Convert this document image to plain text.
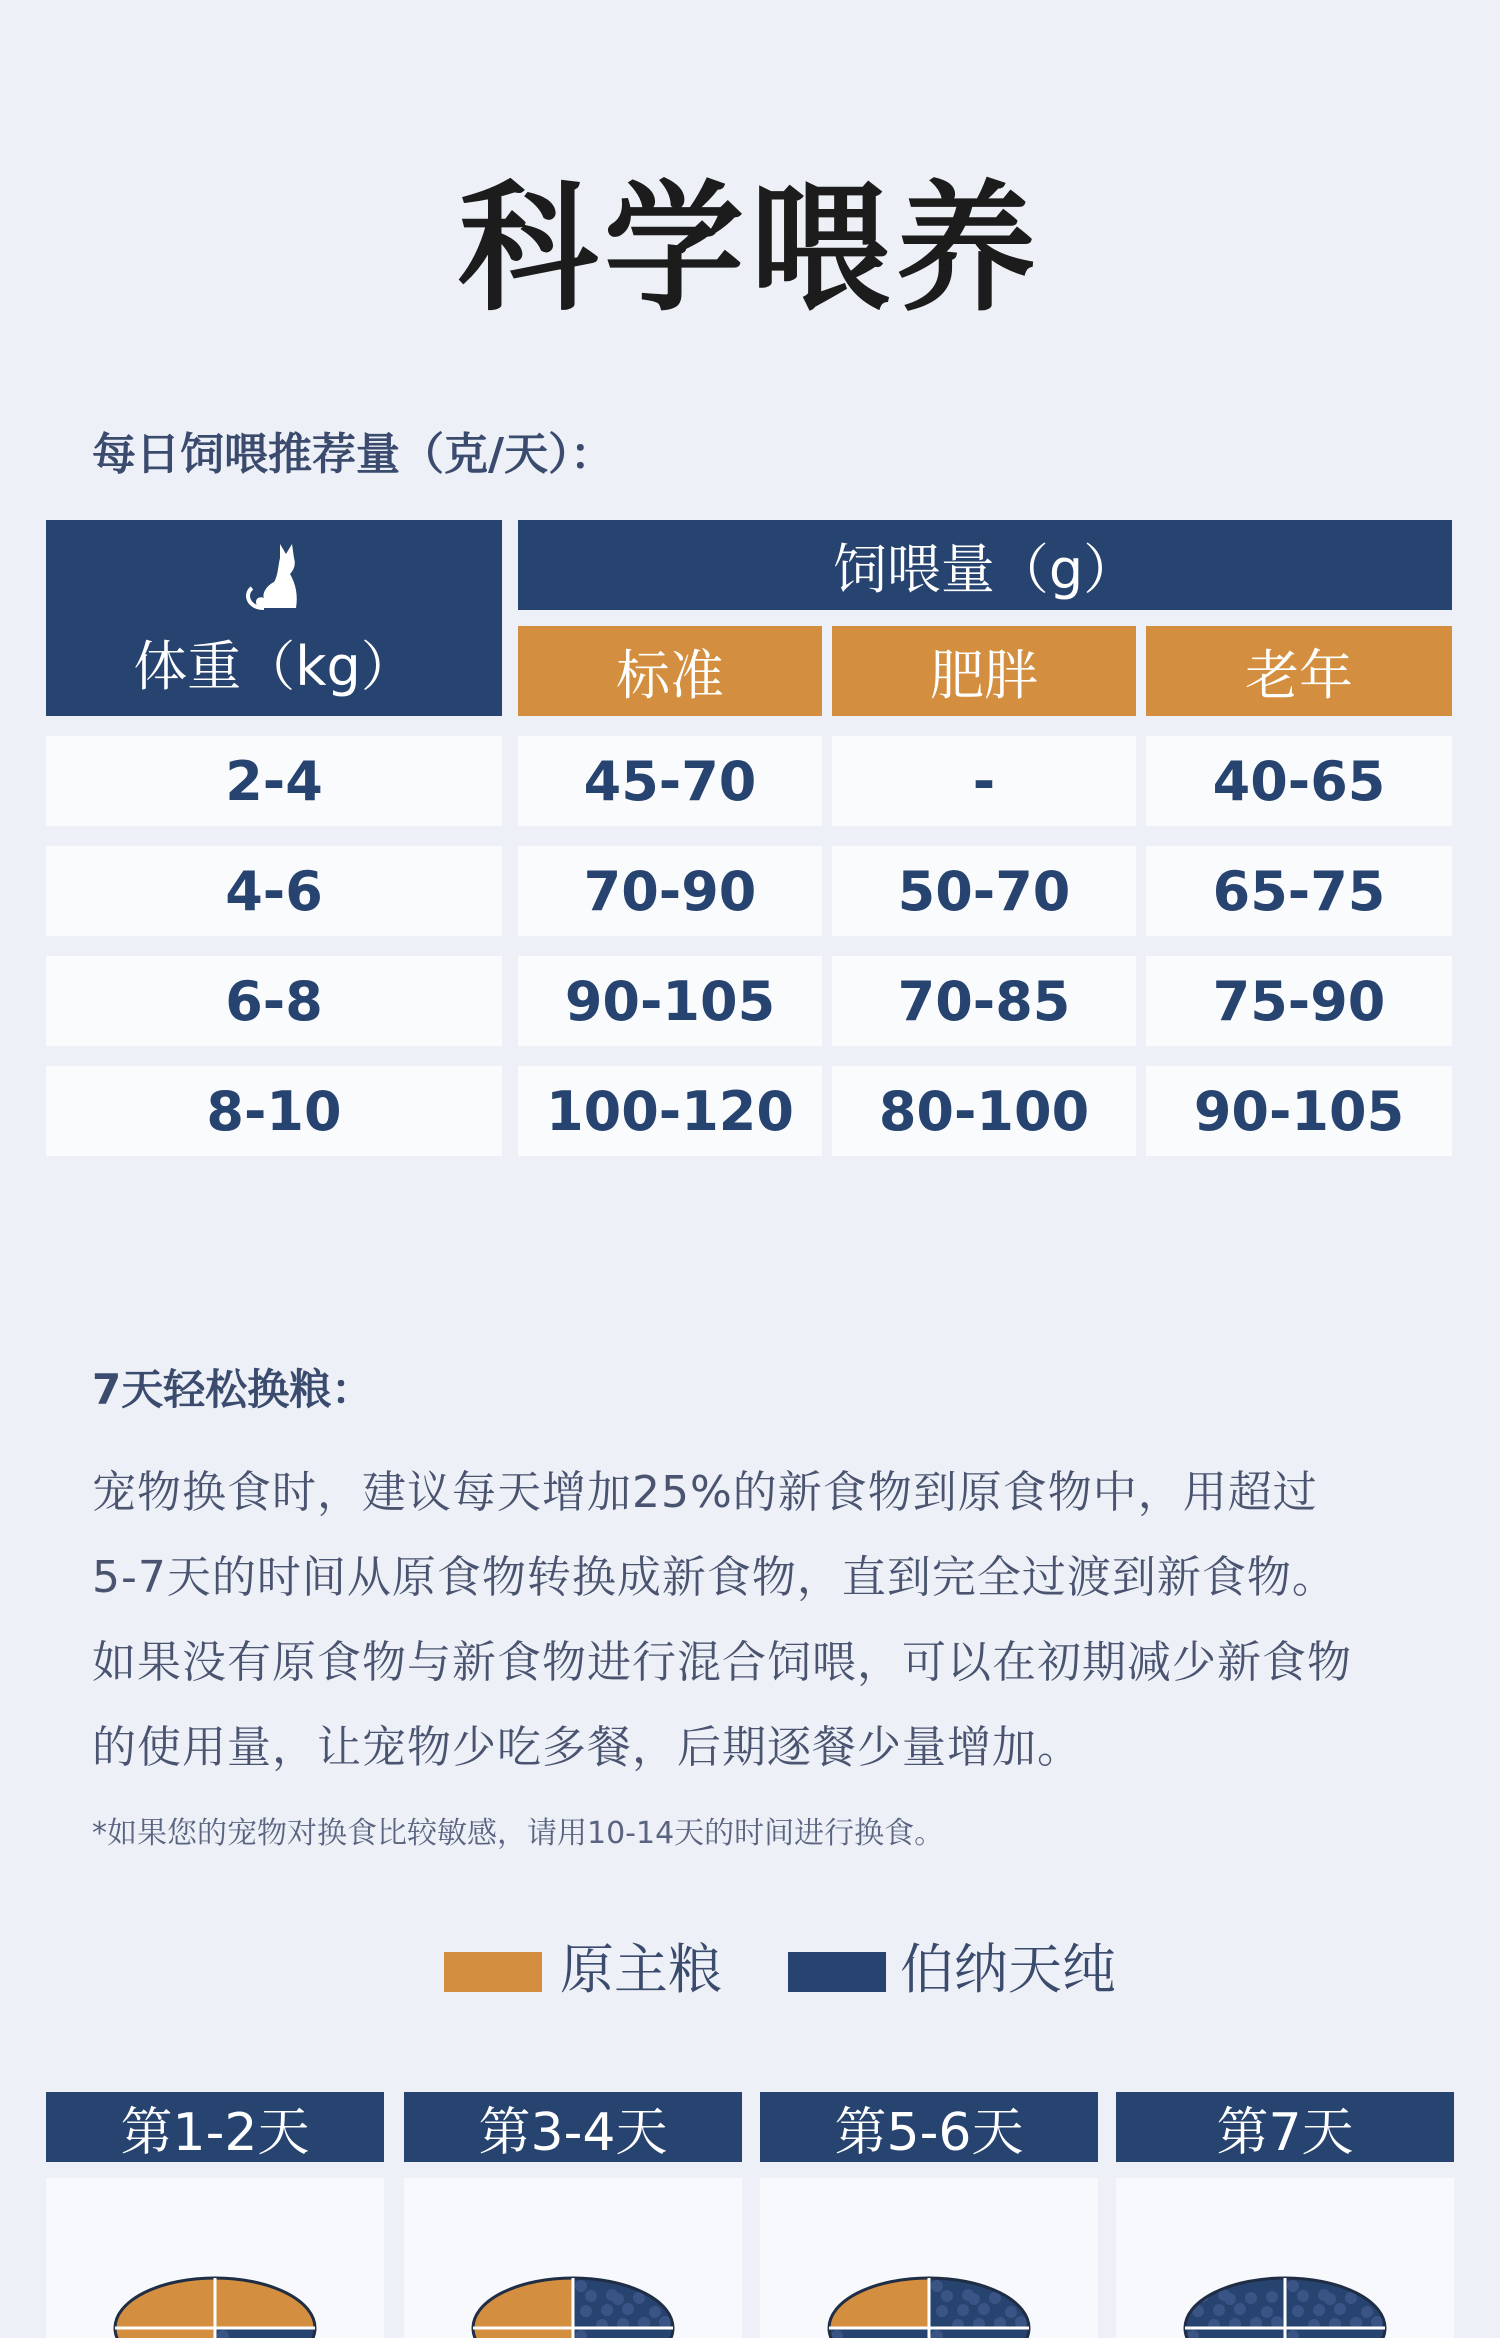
科学喂养
每日饲喂推荐量（克/天）：
体重（kg）
饲喂量（g）
标准	肥胖	老年
2-4	45-70	-	40-65
4-6	70-90	50-70	65-75
6-8	90-105	70-85	75-90
8-10	100-120	80-100	90-105
7天轻松换粮：
宠物换食时，建议每天增加25%的新食物到原食物中，用超过
5-7天的时间从原食物转换成新食物，直到完全过渡到新食物。
如果没有原食物与新食物进行混合饲喂，可以在初期减少新食物
的使用量，让宠物少吃多餐，后期逐餐少量增加。
*如果您的宠物对换食比较敏感，请用10-14天的时间进行换食。
原主粮	伯纳天纯
第1-2天	第3-4天	第5-6天	第7天
